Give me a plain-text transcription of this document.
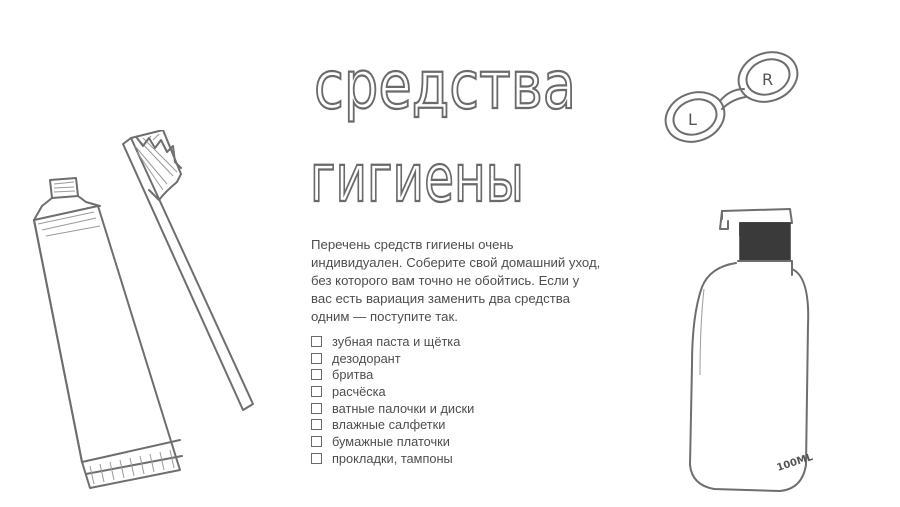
средства
гигиены

Перечень средств гигиены очень индивидуален. Соберите свой домашний уход, без которого вам точно не обойтись. Если у вас есть вариация заменить два средства одним — поступите так.

зубная паста и щётка
дезодорант
бритва
расчёска
ватные палочки и диски
влажные салфетки
бумажные платочки
прокладки, тампоны
L
R
100ML
